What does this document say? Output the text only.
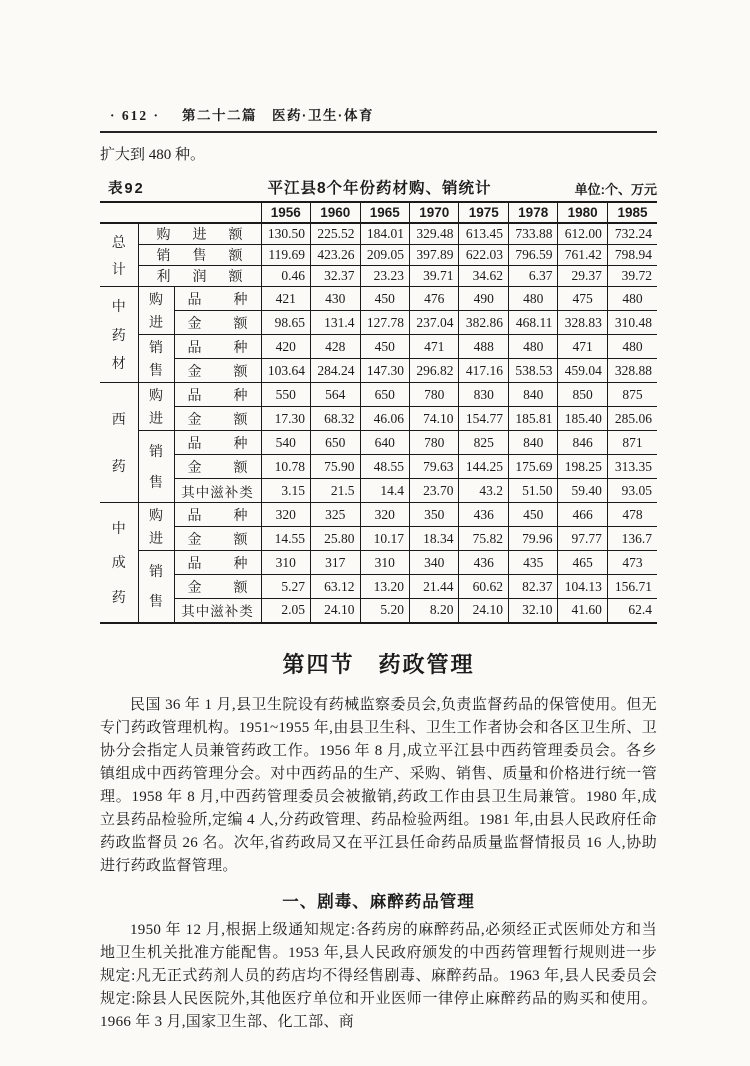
· 612 · 第二十二篇　医药·卫生·体育

扩大到 480 种。

表92	平江县8个年份药材购、销统计	单位:个、万元
			1956	1960	1965	1970	1975	1978	1980	1985

总
计	购 进 额		130.50	225.52	184.01	329.48	613.45	733.88	612.00	732.24

	销 售 额		119.69	423.26	209.05	397.89	622.03	796.59	761.42	798.94

	利 润 额		0.46	32.37	23.23	39.71	34.62	6.37	29.37	39.72

中
药
材	购
进	品 种	421	430	450	476	490	480	475	480

		金 额	98.65	131.4	127.78	237.04	382.86	468.11	328.83	310.48

	销
售	品 种	420	428	450	471	488	480	471	480

		金 额	103.64	284.24	147.30	296.82	417.16	538.53	459.04	328.88

西
药	购
进	品 种	550	564	650	780	830	840	850	875

		金 额	17.30	68.32	46.06	74.10	154.77	185.81	185.40	285.06

	销
售	品 种	540	650	640	780	825	840	846	871

		金 额	10.78	75.90	48.55	79.63	144.25	175.69	198.25	313.35
		其中滋补类	3.15	21.5	14.4	23.70	43.2	51.50	59.40	93.05

中
成
药	购
进	品 种	320	325	320	350	436	450	466	478

		金 额	14.55	25.80	10.17	18.34	75.82	79.96	97.77	136.7

	销
售	品 种	310	317	310	340	436	435	465	473

		金 额	5.27	63.12	13.20	21.44	60.62	82.37	104.13	156.71
		其中滋补类	2.05	24.10	5.20	8.20	24.10	32.10	41.60	62.4
第四节　药政管理

民国 36 年 1 月,县卫生院设有药械监察委员会,负责监督药品的保管使用。但无专门药政管理机构。1951~1955 年,由县卫生科、卫生工作者协会和各区卫生所、卫协分会指定人员兼管药政工作。1956 年 8 月,成立平江县中西药管理委员会。各乡镇组成中西药管理分会。对中西药品的生产、采购、销售、质量和价格进行统一管理。1958 年 8 月,中西药管理委员会被撤销,药政工作由县卫生局兼管。1980 年,成立县药品检验所,定编 4 人,分药政管理、药品检验两组。1981 年,由县人民政府任命药政监督员 26 名。次年,省药政局又在平江县任命药品质量监督情报员 16 人,协助进行药政监督管理。

一、剧毒、麻醉药品管理

1950 年 12 月,根据上级通知规定:各药房的麻醉药品,必须经正式医师处方和当地卫生机关批准方能配售。1953 年,县人民政府颁发的中西药管理暂行规则进一步规定:凡无正式药剂人员的药店均不得经售剧毒、麻醉药品。1963 年,县人民委员会规定:除县人民医院外,其他医疗单位和开业医师一律停止麻醉药品的购买和使用。1966 年 3 月,国家卫生部、化工部、商
